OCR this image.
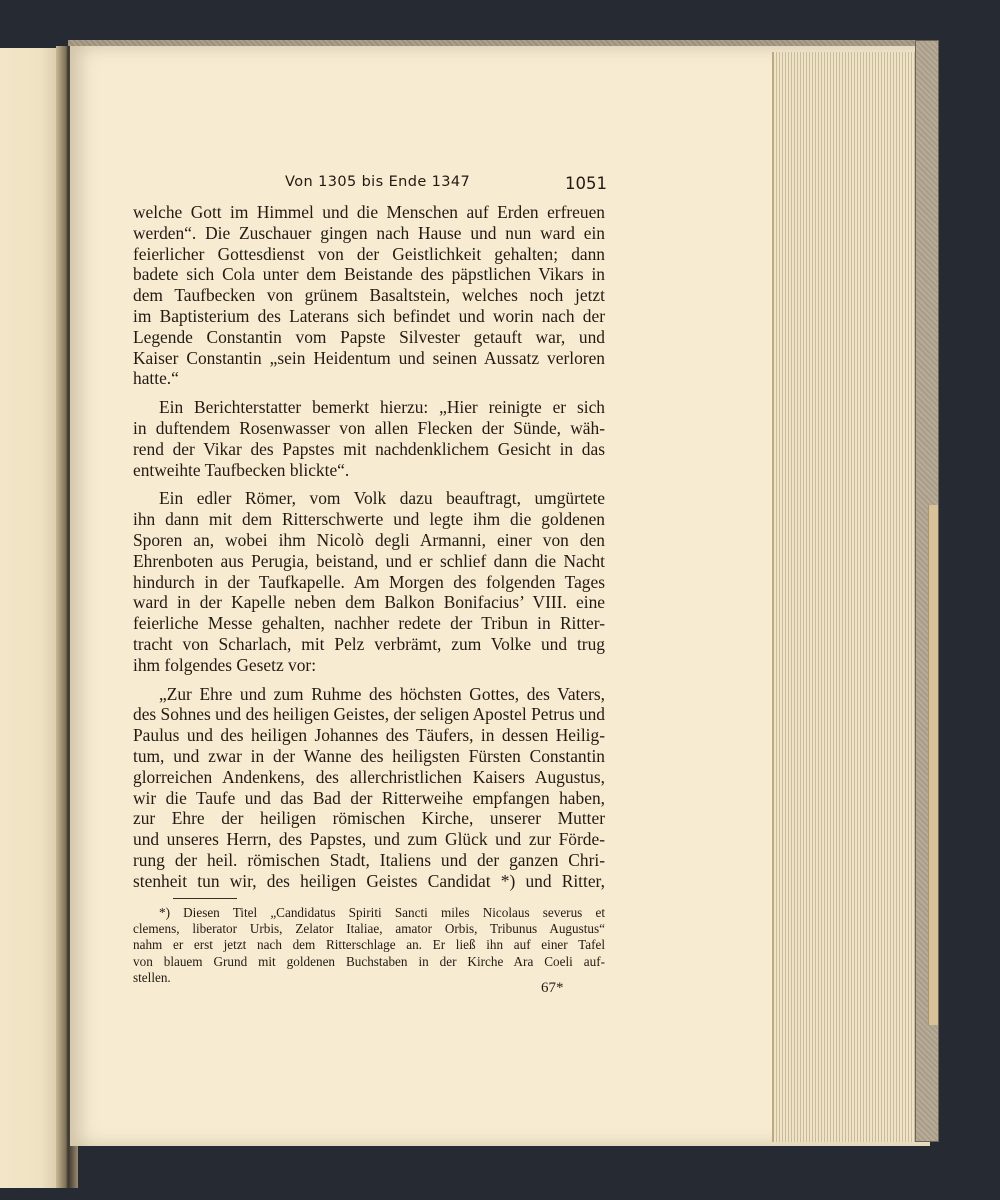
Von 1305 bis Ende 1347	1051
welche Gott im Himmel und die Menschen auf Erden erfreuen
werden“. Die Zuschauer gingen nach Hause und nun ward ein
feierlicher Gottesdienst von der Geistlichkeit gehalten; dann
badete sich Cola unter dem Beistande des päpstlichen Vikars in
dem Taufbecken von grünem Basaltstein, welches noch jetzt
im Baptisterium des Laterans sich befindet und worin nach der
Legende Constantin vom Papste Silvester getauft war, und
Kaiser Constantin „sein Heidentum und seinen Aussatz verloren
hatte.“
Ein Berichterstatter bemerkt hierzu: „Hier reinigte er sich
in duftendem Rosenwasser von allen Flecken der Sünde, wäh-
rend der Vikar des Papstes mit nachdenklichem Gesicht in das
entweihte Taufbecken blickte“.
Ein edler Römer, vom Volk dazu beauftragt, umgürtete
ihn dann mit dem Ritterschwerte und legte ihm die goldenen
Sporen an, wobei ihm Nicolò degli Armanni, einer von den
Ehrenboten aus Perugia, beistand, und er schlief dann die Nacht
hindurch in der Taufkapelle. Am Morgen des folgenden Tages
ward in der Kapelle neben dem Balkon Bonifacius’ VIII. eine
feierliche Messe gehalten, nachher redete der Tribun in Ritter-
tracht von Scharlach, mit Pelz verbrämt, zum Volke und trug
ihm folgendes Gesetz vor:
„Zur Ehre und zum Ruhme des höchsten Gottes, des Vaters,
des Sohnes und des heiligen Geistes, der seligen Apostel Petrus und
Paulus und des heiligen Johannes des Täufers, in dessen Heilig-
tum, und zwar in der Wanne des heiligsten Fürsten Constantin
glorreichen Andenkens, des allerchristlichen Kaisers Augustus,
wir die Taufe und das Bad der Ritterweihe empfangen haben,
zur Ehre der heiligen römischen Kirche, unserer Mutter
und unseres Herrn, des Papstes, und zum Glück und zur Förde-
rung der heil. römischen Stadt, Italiens und der ganzen Chri-
stenheit tun wir, des heiligen Geistes Candidat *) und Ritter,
*) Diesen Titel „Candidatus Spiriti Sancti miles Nicolaus severus et
clemens, liberator Urbis, Zelator Italiae, amator Orbis, Tribunus Augustus“
nahm er erst jetzt nach dem Ritterschlage an. Er ließ ihn auf einer Tafel
von blauem Grund mit goldenen Buchstaben in der Kirche Ara Coeli auf-
stellen.
67*
